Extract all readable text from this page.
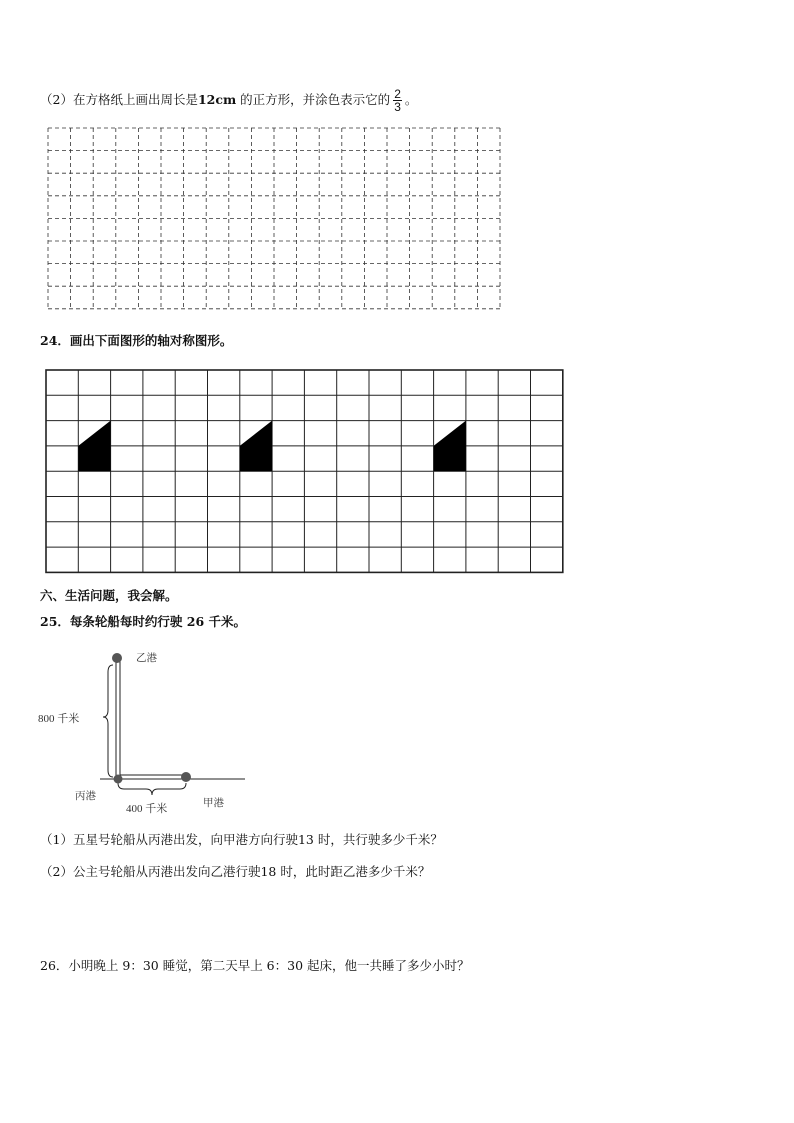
（2）在方格纸上画出周长是12cm 的正方形，并涂色表示它的 $\frac{2}{3}$ 。
24．画出下面图形的轴对称图形。
六、生活问题，我会解。
25．每条轮船每时约行驶 26 千米。
乙港
800 千米
丙港
400 千米	甲港
（1）五星号轮船从丙港出发，向甲港方向行驶13 时，共行驶多少千米？
（2）公主号轮船从丙港出发向乙港行驶18 时，此时距乙港多少千米？
26．小明晚上 9：30 睡觉，第二天早上 6：30 起床，他一共睡了多少小时？
